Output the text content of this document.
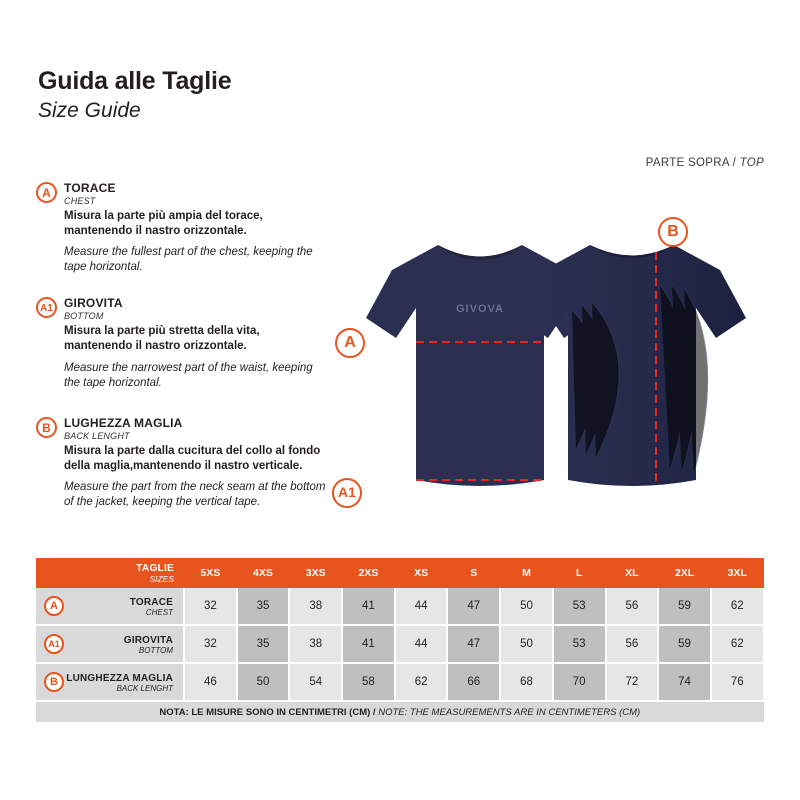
Guida alle Taglie
Size Guide
PARTE SOPRA / TOP
A	TORACE
CHEST
Misura la parte più ampia del torace, mantenendo il nastro orizzontale.
Measure the fullest part of the chest, keeping the tape horizontal.
A1 GIROVITA
BOTTOM
Misura la parte più stretta della vita, mantenendo il nastro orizzontale.
Measure the narrowest part of the waist, keeping the tape horizontal.
B	LUGHEZZA MAGLIA
BACK LENGHT
Misura la parte dalla cucitura del collo al fondo della maglia,mantenendo il nastro verticale.
Measure the part from the neck seam at the bottom of the jacket, keeping the vertical tape.
GIVOVA
B
A
A1
TAGLIE
SIZES	5XS	4XS	3XS	2XS	XS	S	M	L	XL	2XL	3XL

A TORACE
CHEST	32	35	38	41	44	47	50	53	56	59	62

A1 GIROVITA
BOTTOM	32	35	38	41	44	47	50	53	56	59	62

B LUNGHEZZA MAGLIA
BACK LENGHT	46	50	54	58	62	66	68	70	72	74	76
NOTA: LE MISURE SONO IN CENTIMETRI (CM) / NOTE: THE MEASUREMENTS ARE IN CENTIMETERS (CM)											
